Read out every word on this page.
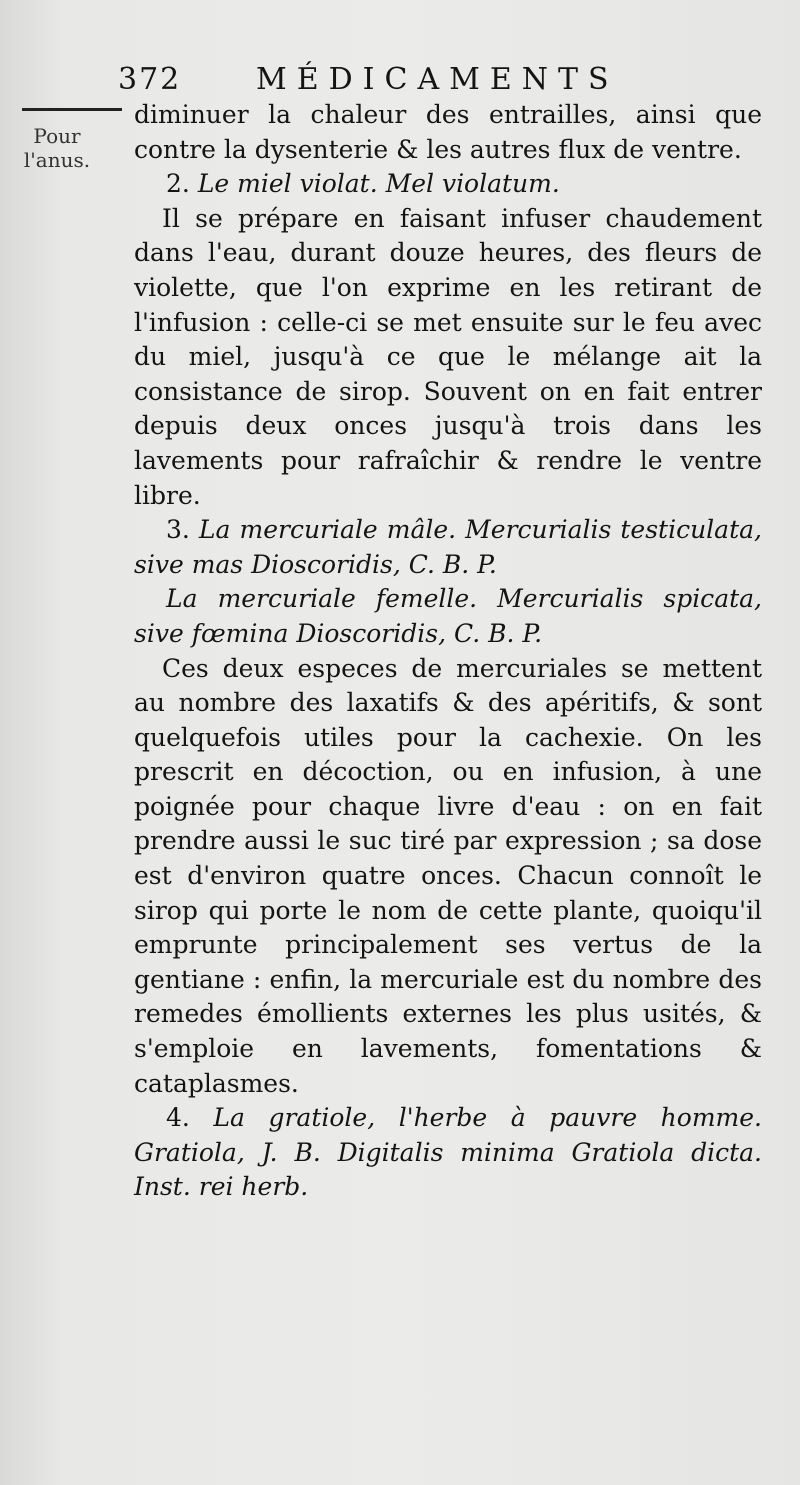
372 MÉDICAMENTS
Pour l'anus.

diminuer la chaleur des entrailles, ainsi que contre la dysenterie & les autres flux de ventre.

2. Le miel violat. Mel violatum.

Il se prépare en faisant infuser chaudement dans l'eau, durant douze heures, des fleurs de violette, que l'on exprime en les retirant de l'infusion : celle-ci se met ensuite sur le feu avec du miel, jusqu'à ce que le mélange ait la consistance de sirop. Souvent on en fait entrer depuis deux onces jusqu'à trois dans les lavements pour rafraîchir & rendre le ventre libre.

3. La mercuriale mâle. Mercurialis testiculata, sive mas Dioscoridis, C. B. P.

La mercuriale femelle. Mercurialis spicata, sive fœmina Dioscoridis, C. B. P.

Ces deux especes de mercuriales se mettent au nombre des laxatifs & des apéritifs, & sont quelquefois utiles pour la cachexie. On les prescrit en décoction, ou en infusion, à une poignée pour chaque livre d'eau : on en fait prendre aussi le suc tiré par expression ; sa dose est d'environ quatre onces. Chacun connoît le sirop qui porte le nom de cette plante, quoiqu'il emprunte principalement ses vertus de la gentiane : enfin, la mercuriale est du nombre des remedes émollients externes les plus usités, & s'emploie en lavements, fomentations & cataplasmes.

4. La gratiole, l'herbe à pauvre homme. Gratiola, J. B. Digitalis minima Gratiola dicta. Inst. rei herb.
